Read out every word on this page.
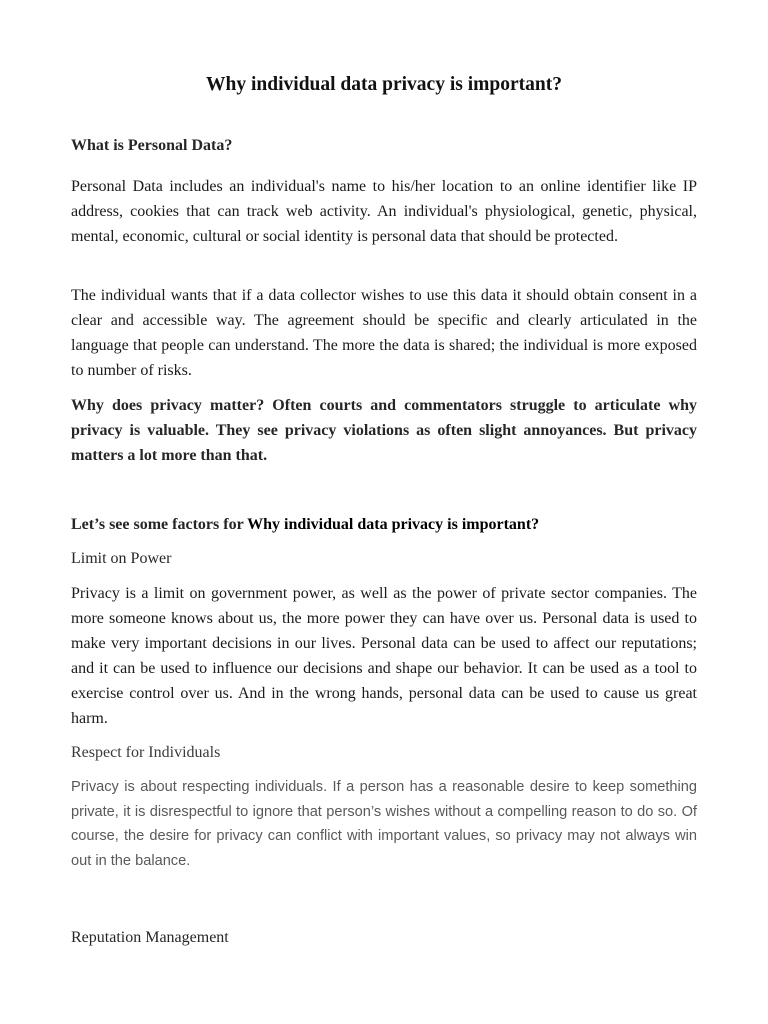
Why individual data privacy is important?

What is Personal Data?

Personal Data includes an individual's name to his/her location to an online identifier like IP address, cookies that can track web activity. An individual's physiological, genetic, physical, mental, economic, cultural or social identity is personal data that should be protected.

The individual wants that if a data collector wishes to use this data it should obtain consent in a clear and accessible way. The agreement should be specific and clearly articulated in the language that people can understand. The more the data is shared; the individual is more exposed to number of risks.

Why does privacy matter? Often courts and commentators struggle to articulate why privacy is valuable. They see privacy violations as often slight annoyances. But privacy matters a lot more than that.

Let’s see some factors for Why individual data privacy is important?

Limit on Power

Privacy is a limit on government power, as well as the power of private sector companies. The more someone knows about us, the more power they can have over us. Personal data is used to make very important decisions in our lives. Personal data can be used to affect our reputations; and it can be used to influence our decisions and shape our behavior. It can be used as a tool to exercise control over us. And in the wrong hands, personal data can be used to cause us great harm.

Respect for Individuals

Privacy is about respecting individuals. If a person has a reasonable desire to keep something private, it is disrespectful to ignore that person’s wishes without a compelling reason to do so. Of course, the desire for privacy can conflict with important values, so privacy may not always win out in the balance.

Reputation Management
